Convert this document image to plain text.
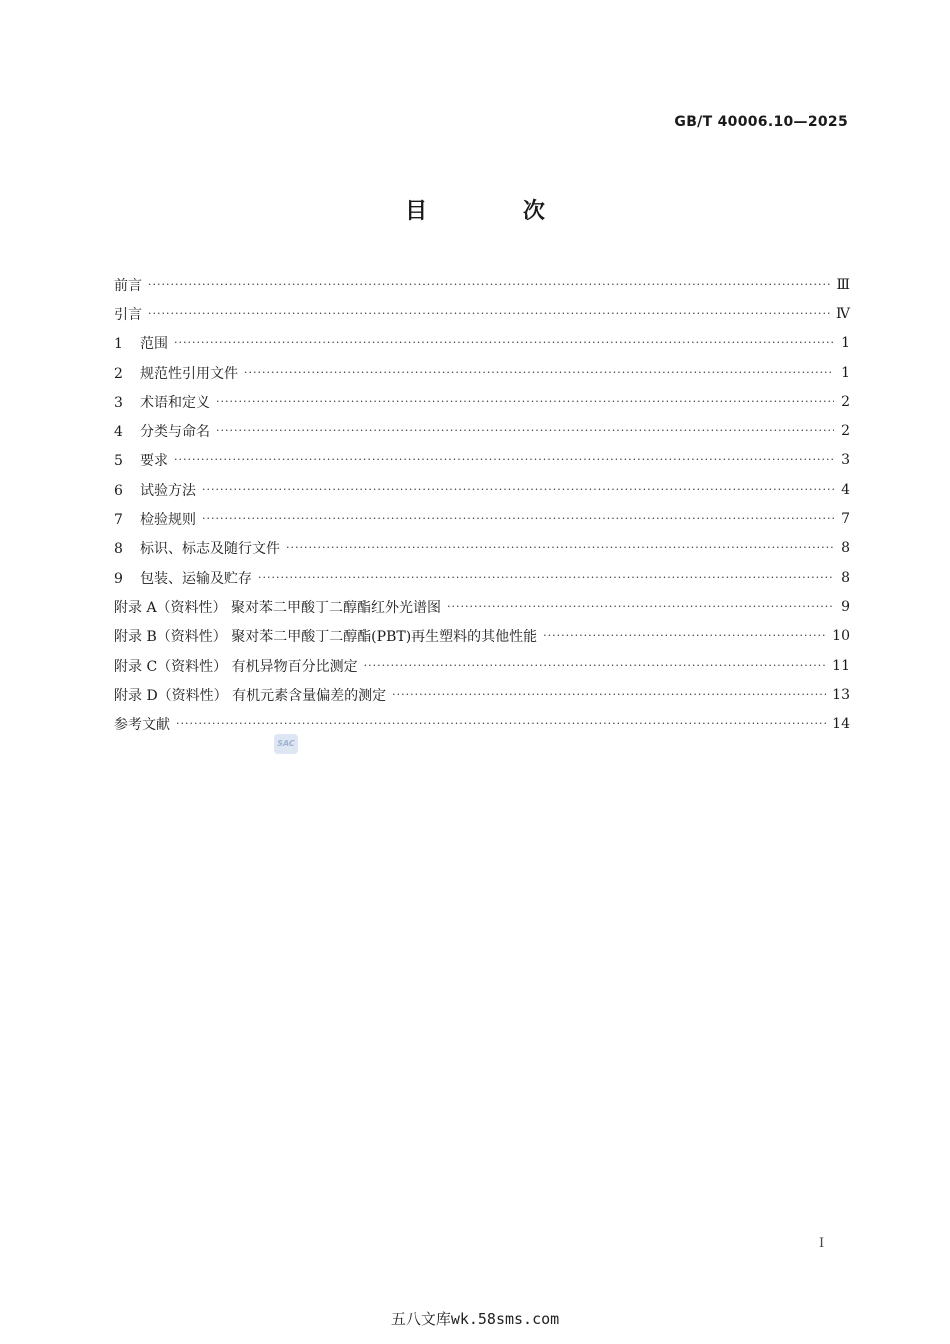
GB/T 40006.10—2025
目 次
前言 ·····	Ⅲ
引言 ·····	Ⅳ
1 范围 ·····	1
2 规范性引用文件 ·····	1
3 术语和定义 ·····	2
4 分类与命名 ·····	2
5 要求 ·····	3
6 试验方法 ·····	4
7 检验规则 ·····	7
8 标识、标志及随行文件 ·····	8
9 包装、运输及贮存 ·····	8
附录 A（资料性） 聚对苯二甲酸丁二醇酯红外光谱图 ·····	9
附录 B（资料性） 聚对苯二甲酸丁二醇酯(PBT)再生塑料的其他性能 ·····	10
附录 C（资料性） 有机异物百分比测定 ·····	11
附录 D（资料性） 有机元素含量偏差的测定 ·····	13
参考文献 ·····	14
SAC
I
五八文库wk.58sms.com
